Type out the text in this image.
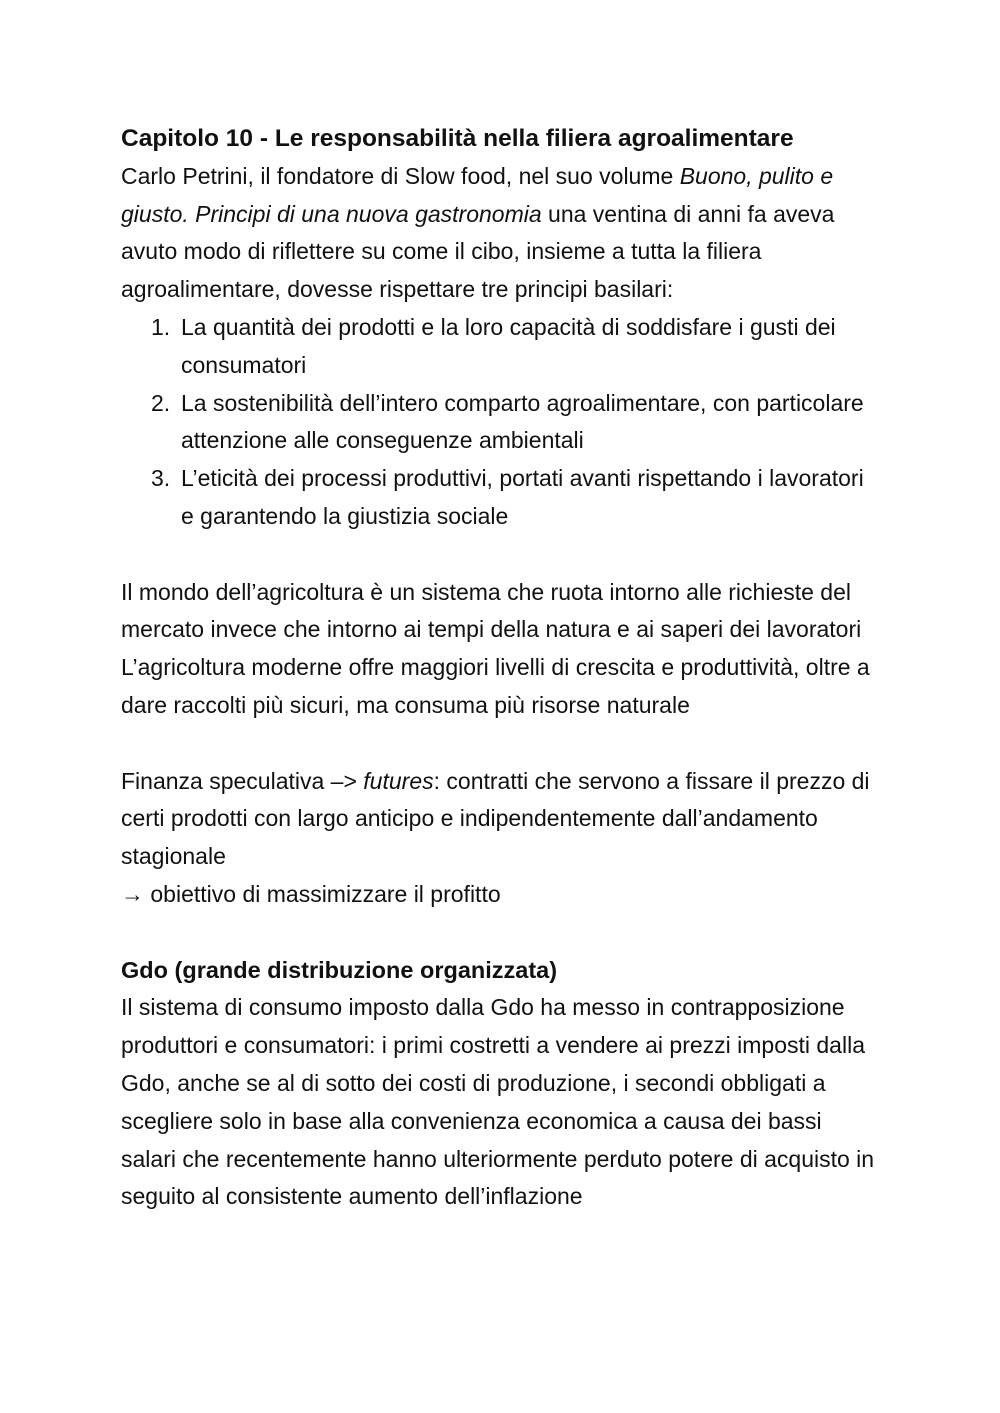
Capitolo 10 - Le responsabilità nella filiera agroalimentare

Carlo Petrini, il fondatore di Slow food, nel suo volume Buono, pulito e giusto. Principi di una nuova gastronomia una ventina di anni fa aveva avuto modo di riflettere su come il cibo, insieme a tutta la filiera agroalimentare, dovesse rispettare tre principi basilari:

1. La quantità dei prodotti e la loro capacità di soddisfare i gusti dei consumatori
2. La sostenibilità dell’intero comparto agroalimentare, con particolare attenzione alle conseguenze ambientali
3. L’eticità dei processi produttivi, portati avanti rispettando i lavoratori e garantendo la giustizia sociale

Il mondo dell’agricoltura è un sistema che ruota intorno alle richieste del mercato invece che intorno ai tempi della natura e ai saperi dei lavoratori

L’agricoltura moderne offre maggiori livelli di crescita e produttività, oltre a dare raccolti più sicuri, ma consuma più risorse naturale

Finanza speculativa –> futures: contratti che servono a fissare il prezzo di certi prodotti con largo anticipo e indipendentemente dall’andamento stagionale

→ obiettivo di massimizzare il profitto

Gdo (grande distribuzione organizzata)

Il sistema di consumo imposto dalla Gdo ha messo in contrapposizione produttori e consumatori: i primi costretti a vendere ai prezzi imposti dalla Gdo, anche se al di sotto dei costi di produzione, i secondi obbligati a scegliere solo in base alla convenienza economica a causa dei bassi salari che recentemente hanno ulteriormente perduto potere di acquisto in seguito al consistente aumento dell’inflazione
